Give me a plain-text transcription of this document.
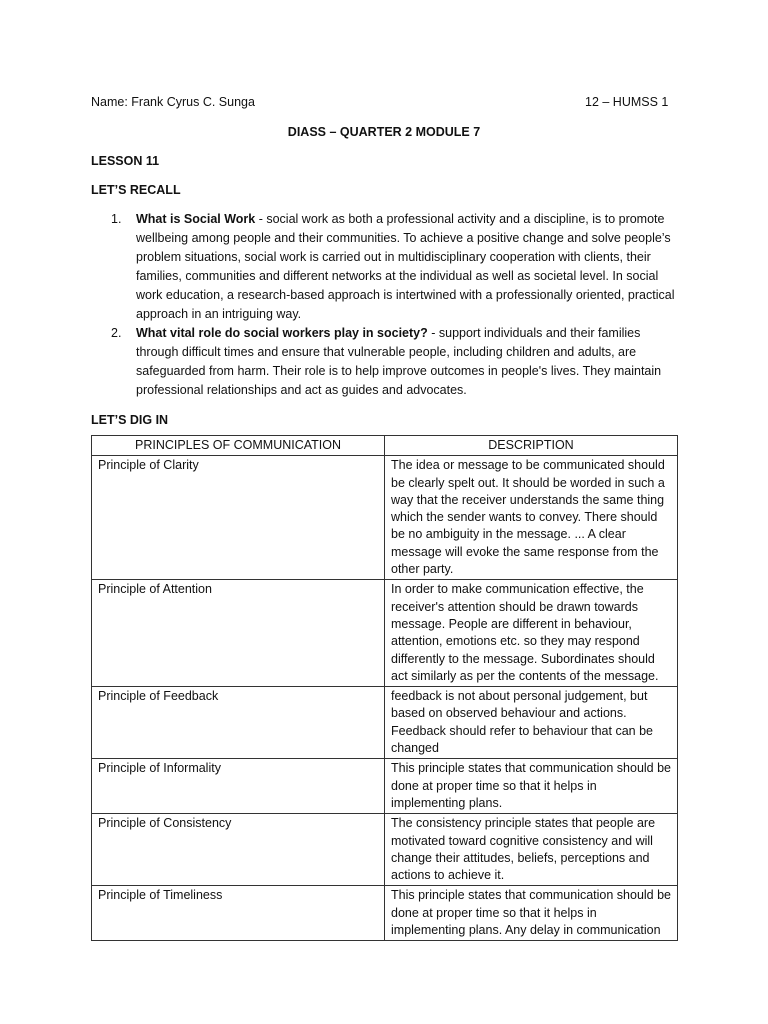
Name: Frank Cyrus C. Sunga	12 – HUMSS 1
DIASS – QUARTER 2 MODULE 7
LESSON 11
LET’S RECALL
1.	What is Social Work - social work as both a professional activity and a discipline, is to promote wellbeing among people and their communities. To achieve a positive change and solve people’s problem situations, social work is carried out in multidisciplinary cooperation with clients, their families, communities and different networks at the individual as well as societal level. In social work education, a research-based approach is intertwined with a professionally oriented, practical approach in an intriguing way.
2.	What vital role do social workers play in society? - support individuals and their families through difficult times and ensure that vulnerable people, including children and adults, are safeguarded from harm. Their role is to help improve outcomes in people's lives. They maintain professional relationships and act as guides and advocates.
LET’S DIG IN
PRINCIPLES OF COMMUNICATION	DESCRIPTION
Principle of Clarity	The idea or message to be communicated should be clearly spelt out. It should be worded in such a way that the receiver understands the same thing which the sender wants to convey. There should be no ambiguity in the message. ... A clear message will evoke the same response from the other party.
Principle of Attention	In order to make communication effective, the receiver's attention should be drawn towards message. People are different in behaviour, attention, emotions etc. so they may respond differently to the message. Subordinates should act similarly as per the contents of the message.
Principle of Feedback	feedback is not about personal judgement, but based on observed behaviour and actions. Feedback should refer to behaviour that can be changed
Principle of Informality	This principle states that communication should be done at proper time so that it helps in implementing plans.
Principle of Consistency	The consistency principle states that people are motivated toward cognitive consistency and will change their attitudes, beliefs, perceptions and actions to achieve it.
Principle of Timeliness	This principle states that communication should be done at proper time so that it helps in implementing plans. Any delay in communication
